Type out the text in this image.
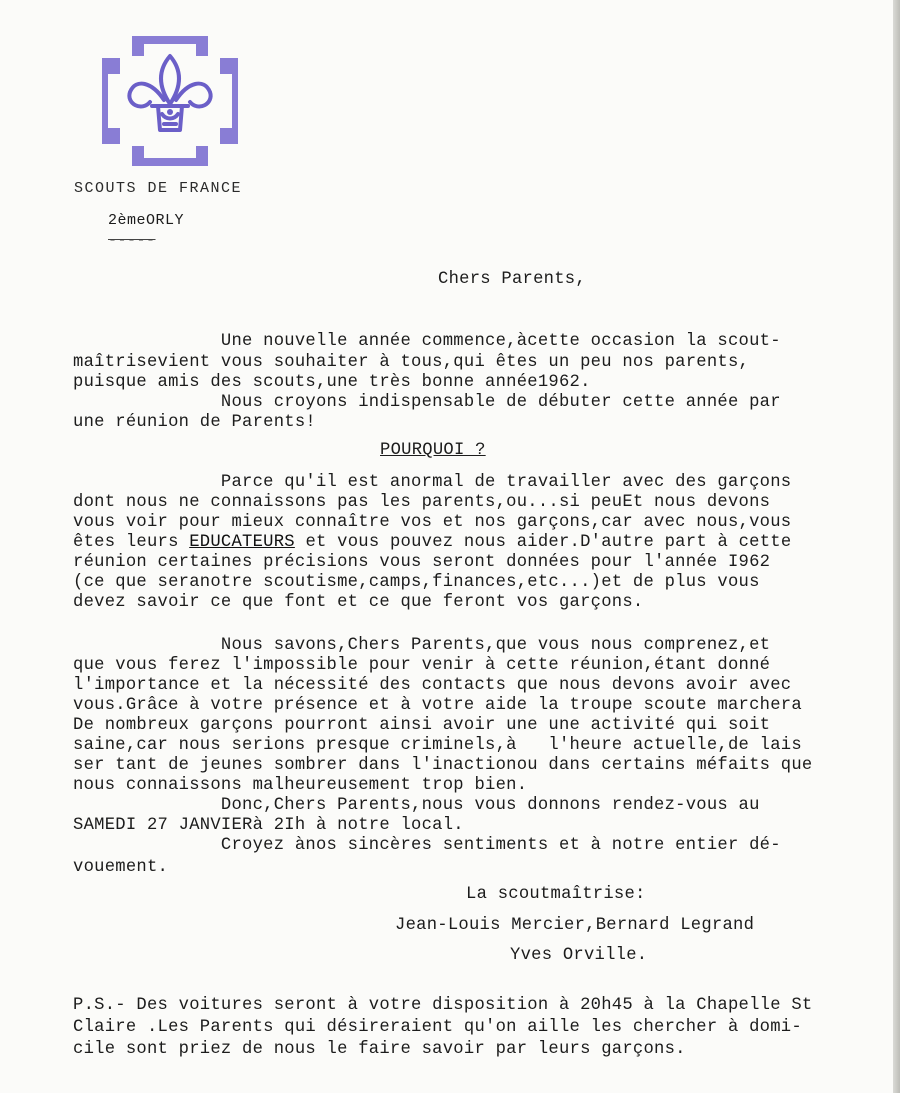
SCOUTS DE FRANCE
2èmeORLY
-----
Chers Parents,
Une nouvelle année commence,àcette occasion la scout-
maîtrisevient vous souhaiter à tous,qui êtes un peu nos parents,
puisque amis des scouts,une très bonne année1962.
Nous croyons indispensable de débuter cette année par
une réunion de Parents!
POURQUOI ?
Parce qu'il est anormal de travailler avec des garçons
dont nous ne connaissons pas les parents,ou...si peuEt nous devons
vous voir pour mieux connaître vos et nos garçons,car avec nous,vous
êtes leurs EDUCATEURS et vous pouvez nous aider.D'autre part à cette
réunion certaines précisions vous seront données pour l'année I962
(ce que seranotre scoutisme,camps,finances,etc...)et de plus vous
devez savoir ce que font et ce que feront vos garçons.
Nous savons,Chers Parents,que vous nous comprenez,et
que vous ferez l'impossible pour venir à cette réunion,étant donné
l'importance et la nécessité des contacts que nous devons avoir avec
vous.Grâce à votre présence et à votre aide la troupe scoute marchera
De nombreux garçons pourront ainsi avoir une une activité qui soit
saine,car nous serions presque criminels,à   l'heure actuelle,de lais
ser tant de jeunes sombrer dans l'inactionou dans certains méfaits que
nous connaissons malheureusement trop bien.
Donc,Chers Parents,nous vous donnons rendez-vous au
SAMEDI 27 JANVIERà 2Ih à notre local.
Croyez ànos sincères sentiments et à notre entier dé-
vouement.
La scoutmaîtrise:
Jean-Louis Mercier,Bernard Legrand
Yves Orville.
P.S.- Des voitures seront à votre disposition à 20h45 à la Chapelle St
Claire .Les Parents qui désireraient qu'on aille les chercher à domi-
cile sont priez de nous le faire savoir par leurs garçons.
